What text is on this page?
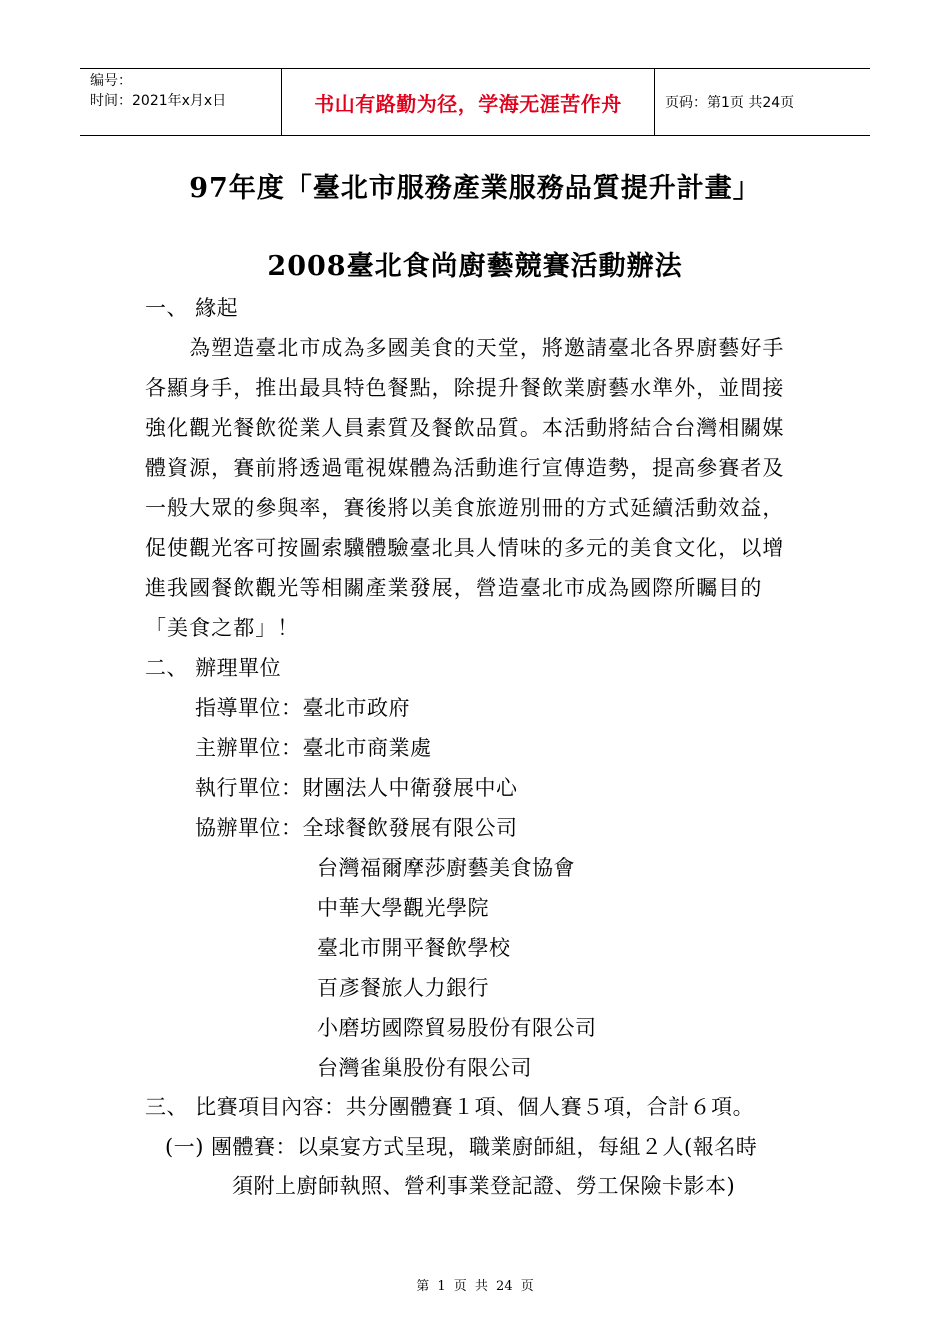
编号：
时间：2021年x月x日	书山有路勤为径，学海无涯苦作舟	页码：第1页 共24页
97年度「臺北市服務產業服務品質提升計畫」
2008臺北食尚廚藝競賽活動辦法
一、 緣起
　　為塑造臺北市成為多國美食的天堂，將邀請臺北各界廚藝好手
各顯身手，推出最具特色餐點，除提升餐飲業廚藝水準外，並間接
強化觀光餐飲從業人員素質及餐飲品質。本活動將結合台灣相關媒
體資源，賽前將透過電視媒體為活動進行宣傳造勢，提高參賽者及
一般大眾的參與率，賽後將以美食旅遊別冊的方式延續活動效益，
促使觀光客可按圖索驥體驗臺北具人情味的多元的美食文化，以增
進我國餐飲觀光等相關產業發展，營造臺北市成為國際所矚目的
「美食之都」！
二、 辦理單位
指導單位：臺北市政府
主辦單位：臺北市商業處
執行單位：財團法人中衛發展中心
協辦單位：全球餐飲發展有限公司
台灣福爾摩莎廚藝美食協會
中華大學觀光學院
臺北市開平餐飲學校
百彥餐旅人力銀行
小磨坊國際貿易股份有限公司
台灣雀巢股份有限公司
三、 比賽項目內容：共分團體賽１項、個人賽５項，合計６項。
(一) 團體賽：以桌宴方式呈現，職業廚師組，每組２人(報名時
須附上廚師執照、營利事業登記證、勞工保險卡影本)
第 1 页 共 24 页
